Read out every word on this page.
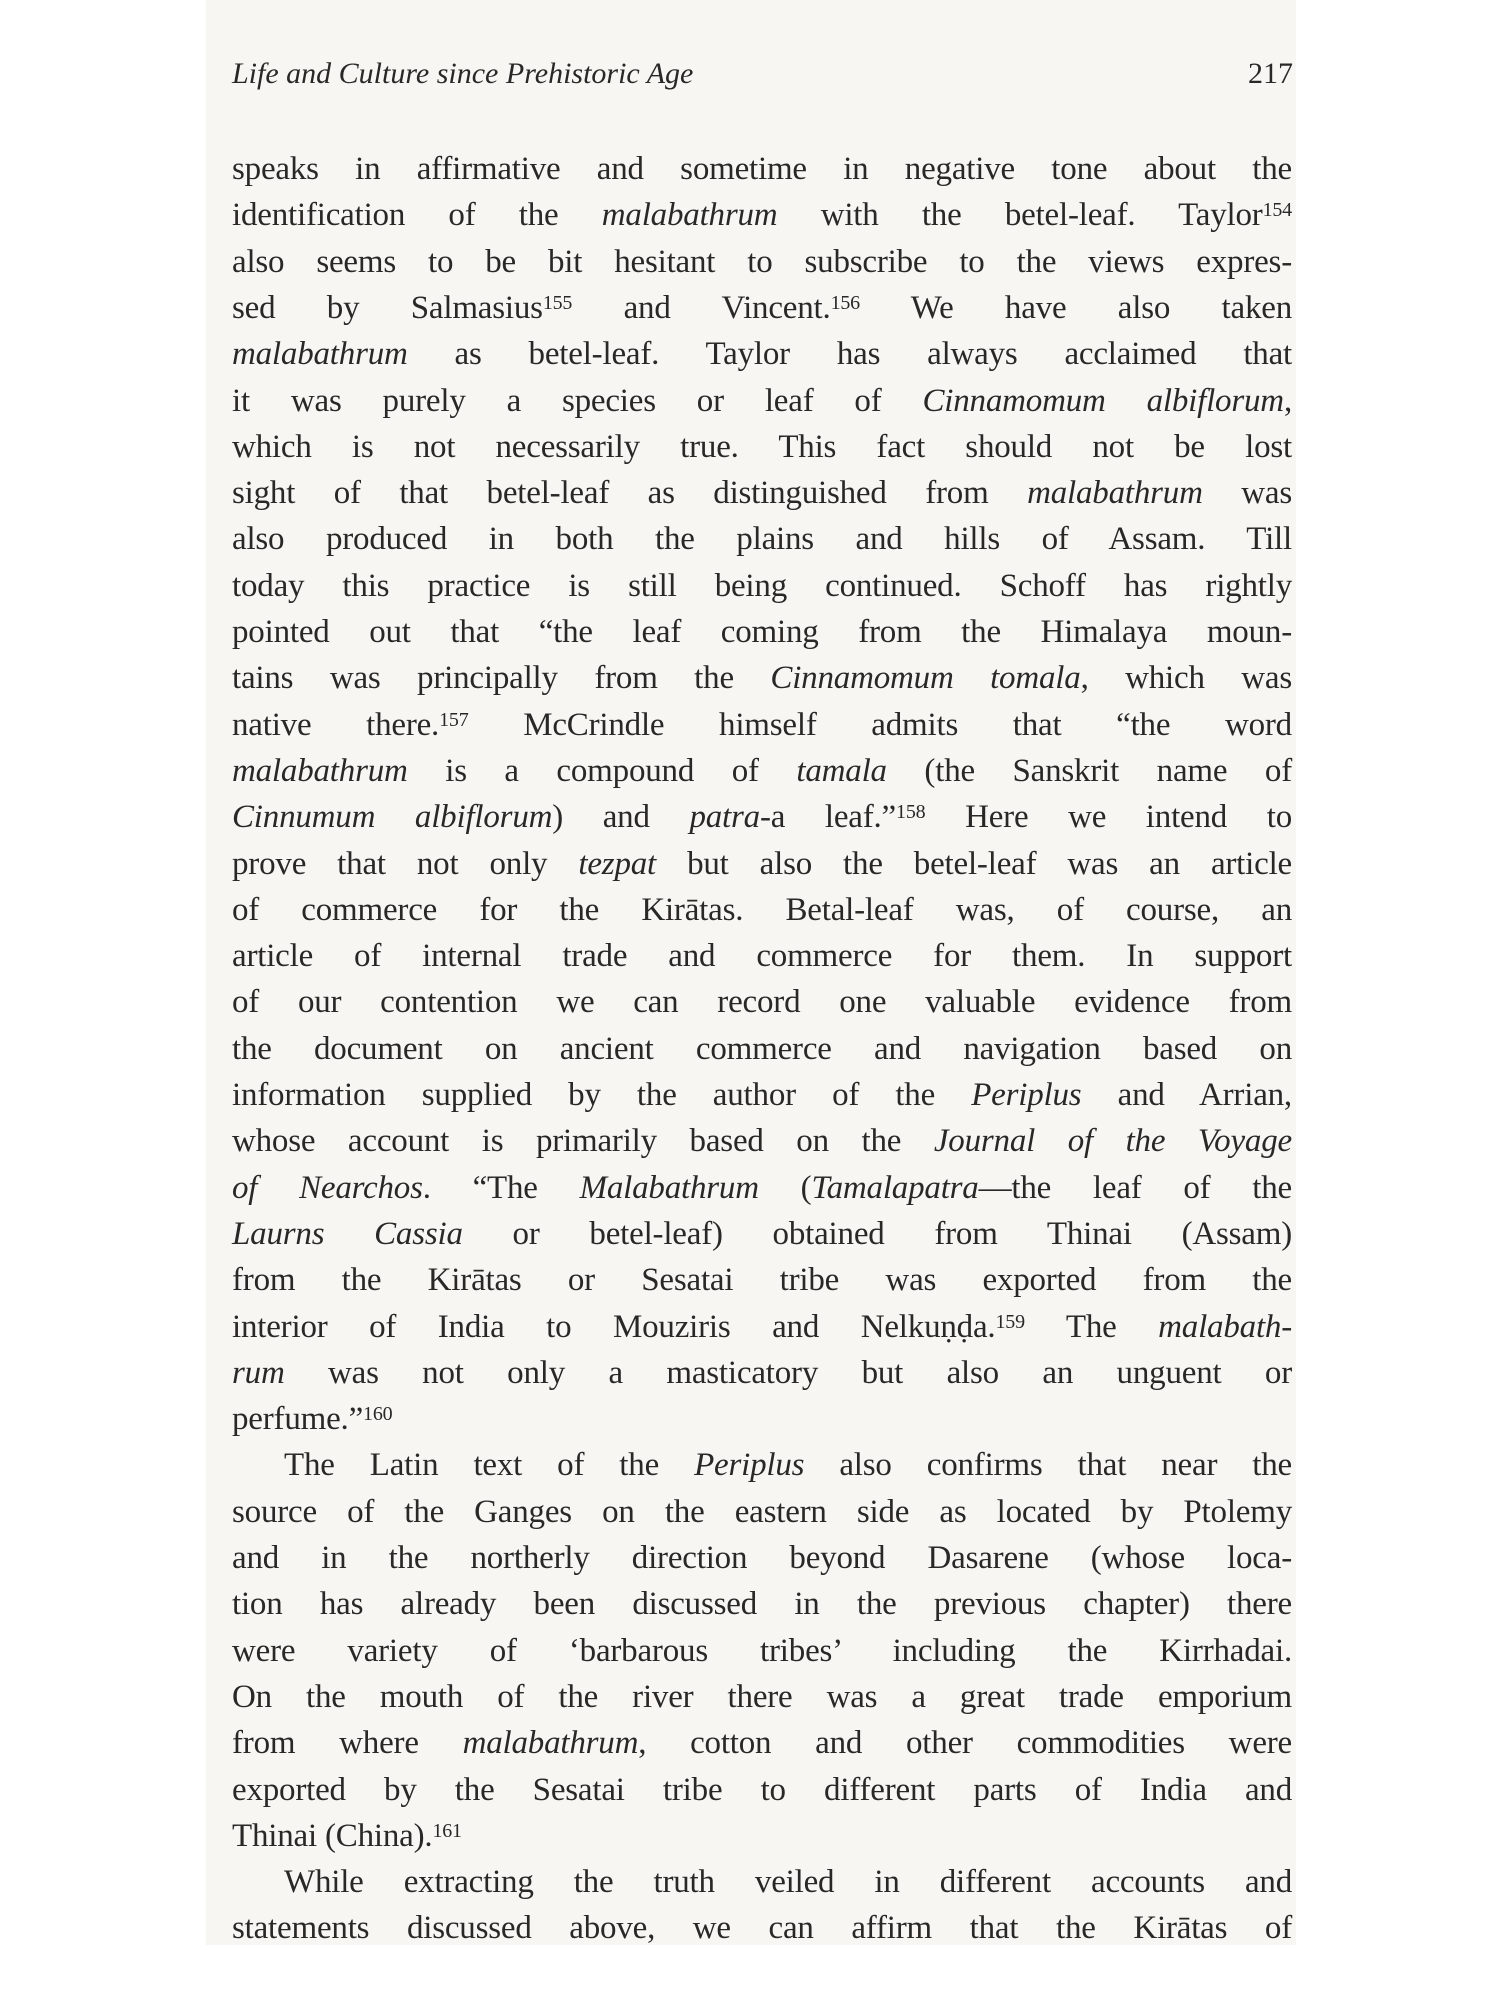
Life and Culture since Prehistoric Age	217
speaks in affirmative and sometime in negative tone about the
identification of the malabathrum with the betel-leaf. Taylor$^{154}$
also seems to be bit hesitant to subscribe to the views expres-
sed by Salmasius$^{155}$ and Vincent.$^{156}$ We have also taken
malabathrum as betel-leaf. Taylor has always acclaimed that
it was purely a species or leaf of Cinnamomum albiflorum,
which is not necessarily true. This fact should not be lost
sight of that betel-leaf as distinguished from malabathrum was
also produced in both the plains and hills of Assam. Till
today this practice is still being continued. Schoff has rightly
pointed out that “the leaf coming from the Himalaya moun-
tains was principally from the Cinnamomum tomala, which was
native there.$^{157}$ McCrindle himself admits that “the word
malabathrum is a compound of tamala (the Sanskrit name of
Cinnumum albiflorum) and patra-a leaf.”$^{158}$ Here we intend to
prove that not only tezpat but also the betel-leaf was an article
of commerce for the Kirātas. Betal-leaf was, of course, an
article of internal trade and commerce for them. In support
of our contention we can record one valuable evidence from
the document on ancient commerce and navigation based on
information supplied by the author of the Periplus and Arrian,
whose account is primarily based on the Journal of the Voyage
of Nearchos. “The Malabathrum (Tamalapatra—the leaf of the
Laurns Cassia or betel-leaf) obtained from Thinai (Assam)
from the Kirātas or Sesatai tribe was exported from the
interior of India to Mouziris and Nelkuṇḍa.$^{159}$ The malabath-
rum was not only a masticatory but also an unguent or
perfume.”$^{160}$
The Latin text of the Periplus also confirms that near the
source of the Ganges on the eastern side as located by Ptolemy
and in the northerly direction beyond Dasarene (whose loca-
tion has already been discussed in the previous chapter) there
were variety of ‘barbarous tribes’ including the Kirrhadai.
On the mouth of the river there was a great trade emporium
from where malabathrum, cotton and other commodities were
exported by the Sesatai tribe to different parts of India and
Thinai (China).$^{161}$
While extracting the truth veiled in different accounts and
statements discussed above, we can affirm that the Kirātas of
